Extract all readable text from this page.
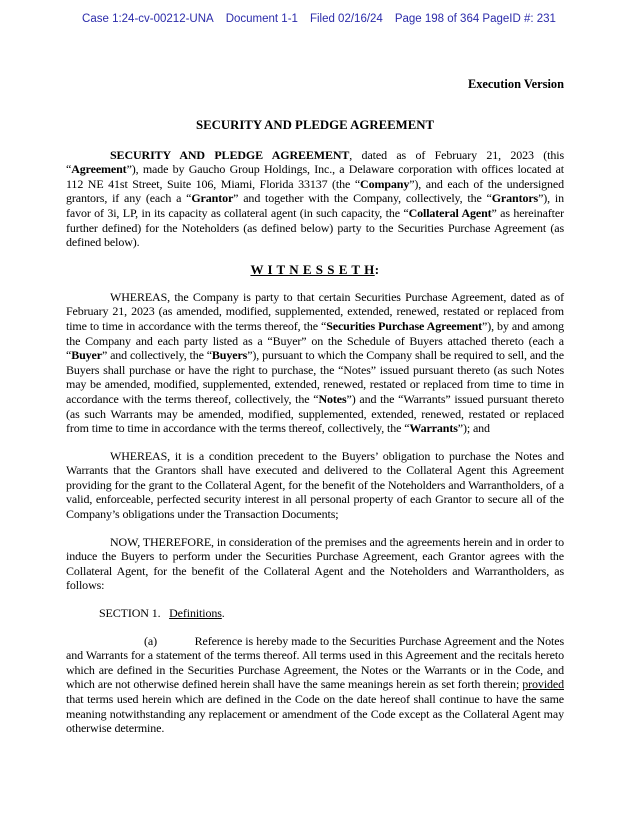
Case 1:24-cv-00212-UNA Document 1-1 Filed 02/16/24 Page 198 of 364 PageID #: 231
Execution Version
SECURITY AND PLEDGE AGREEMENT

SECURITY AND PLEDGE AGREEMENT, dated as of February 21, 2023 (this “Agreement”), made by Gaucho Group Holdings, Inc., a Delaware corporation with offices located at 112 NE 41st Street, Suite 106, Miami, Florida 33137 (the “Company”), and each of the undersigned grantors, if any (each a “Grantor” and together with the Company, collectively, the “Grantors”), in favor of 3i, LP, in its capacity as collateral agent (in such capacity, the “Collateral Agent” as hereinafter further defined) for the Noteholders (as defined below) party to the Securities Purchase Agreement (as defined below).

W I T N E S S E T H:

WHEREAS, the Company is party to that certain Securities Purchase Agreement, dated as of February 21, 2023 (as amended, modified, supplemented, extended, renewed, restated or replaced from time to time in accordance with the terms thereof, the “Securities Purchase Agreement”), by and among the Company and each party listed as a “Buyer” on the Schedule of Buyers attached thereto (each a “Buyer” and collectively, the “Buyers”), pursuant to which the Company shall be required to sell, and the Buyers shall purchase or have the right to purchase, the “Notes” issued pursuant thereto (as such Notes may be amended, modified, supplemented, extended, renewed, restated or replaced from time to time in accordance with the terms thereof, collectively, the “Notes”) and the “Warrants” issued pursuant thereto (as such Warrants may be amended, modified, supplemented, extended, renewed, restated or replaced from time to time in accordance with the terms thereof, collectively, the “Warrants”); and

WHEREAS, it is a condition precedent to the Buyers’ obligation to purchase the Notes and Warrants that the Grantors shall have executed and delivered to the Collateral Agent this Agreement providing for the grant to the Collateral Agent, for the benefit of the Noteholders and Warrantholders, of a valid, enforceable, perfected security interest in all personal property of each Grantor to secure all of the Company’s obligations under the Transaction Documents;

NOW, THEREFORE, in consideration of the premises and the agreements herein and in order to induce the Buyers to perform under the Securities Purchase Agreement, each Grantor agrees with the Collateral Agent, for the benefit of the Collateral Agent and the Noteholders and Warrantholders, as follows:

SECTION 1.   Definitions.

(a)            Reference is hereby made to the Securities Purchase Agreement and the Notes and Warrants for a statement of the terms thereof. All terms used in this Agreement and the recitals hereto which are defined in the Securities Purchase Agreement, the Notes or the Warrants or in the Code, and which are not otherwise defined herein shall have the same meanings herein as set forth therein; provided that terms used herein which are defined in the Code on the date hereof shall continue to have the same meaning notwithstanding any replacement or amendment of the Code except as the Collateral Agent may otherwise determine.
